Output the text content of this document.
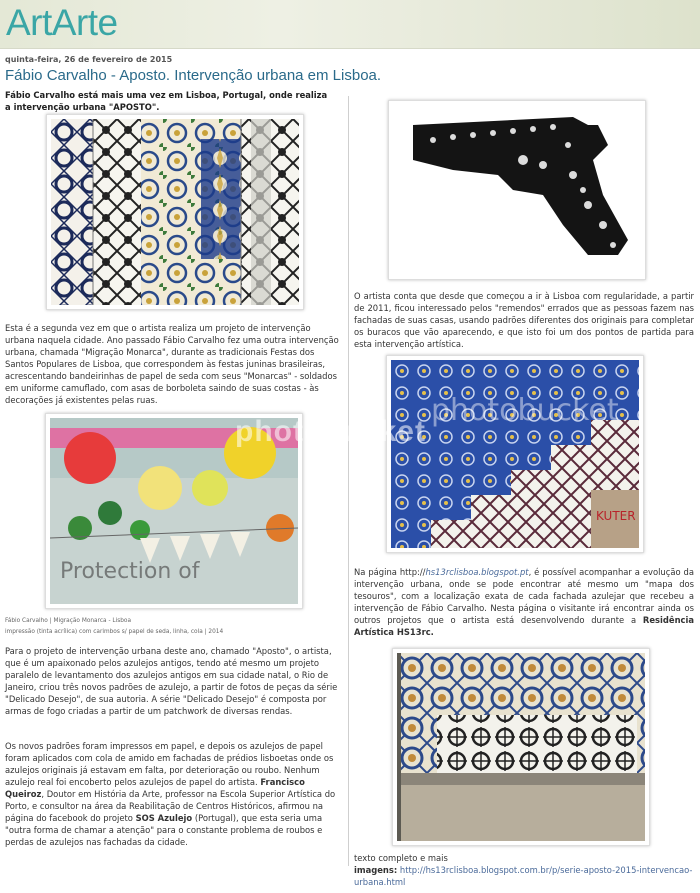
ArtArte
quinta-feira, 26 de fevereiro de 2015
Fábio Carvalho - Aposto. Intervenção urbana em Lisboa.
Fábio Carvalho está mais uma vez em Lisboa, Portugal, onde realiza a intervenção urbana "APOSTO".
Esta é a segunda vez em que o artista realiza um projeto de intervenção urbana naquela cidade. Ano passado Fábio Carvalho fez uma outra intervenção urbana, chamada "Migração Monarca", durante as tradicionais Festas dos Santos Populares de Lisboa, que correspondem às festas juninas brasileiras, acrescentando bandeirinhas de papel de seda com seus "Monarcas" - soldados em uniforme camuflado, com asas de borboleta saindo de suas costas - às decorações já existentes pelas ruas.
Protection of
Fábio Carvalho | Migração Monarca - Lisboa
impressão (tinta acrílica) com carimbos s/ papel de seda, linha, cola | 2014
Para o projeto de intervenção urbana deste ano, chamado "Aposto", o artista, que é um apaixonado pelos azulejos antigos, tendo até mesmo um projeto paralelo de levantamento dos azulejos antigos em sua cidade natal, o Rio de Janeiro, criou três novos padrões de azulejo, a partir de fotos de peças da série "Delicado Desejo", de sua autoria. A série "Delicado Desejo" é composta por armas de fogo criadas a partir de um patchwork de diversas rendas.
Os novos padrões foram impressos em papel, e depois os azulejos de papel foram aplicados com cola de amido em fachadas de prédios lisboetas onde os azulejos originais já estavam em falta, por deterioração ou roubo. Nenhum azulejo real foi encoberto pelos azulejos de papel do artista. Francisco Queiroz, Doutor em História da Arte, professor na Escola Superior Artística do Porto, e consultor na área da Reabilitação de Centros Históricos, afirmou na página do facebook do projeto SOS Azulejo (Portugal), que esta seria uma "outra forma de chamar a atenção" para o constante problema de roubos e perdas de azulejos nas fachadas da cidade.
O artista conta que desde que começou a ir à Lisboa com regularidade, a partir de 2011, ficou interessado pelos "remendos" errados que as pessoas fazem nas fachadas de suas casas, usando padrões diferentes dos originais para completar os buracos que vão aparecendo, e que isto foi um dos pontos de partida para esta intervenção artística.
KUTER
photobucket
Na página http://hs13rclisboa.blogspot.pt, é possível acompanhar a evolução da intervenção urbana, onde se pode encontrar até mesmo um "mapa dos tesouros", com a localização exata de cada fachada azulejar que recebeu a intervenção de Fábio Carvalho. Nesta página o visitante irá encontrar ainda os outros projetos que o artista está desenvolvendo durante a Residência Artística HS13rc.
texto completo e mais
imagens: http://hs13rclisboa.blogspot.com.br/p/serie-aposto-2015-intervencao-urbana.html
photobucket
